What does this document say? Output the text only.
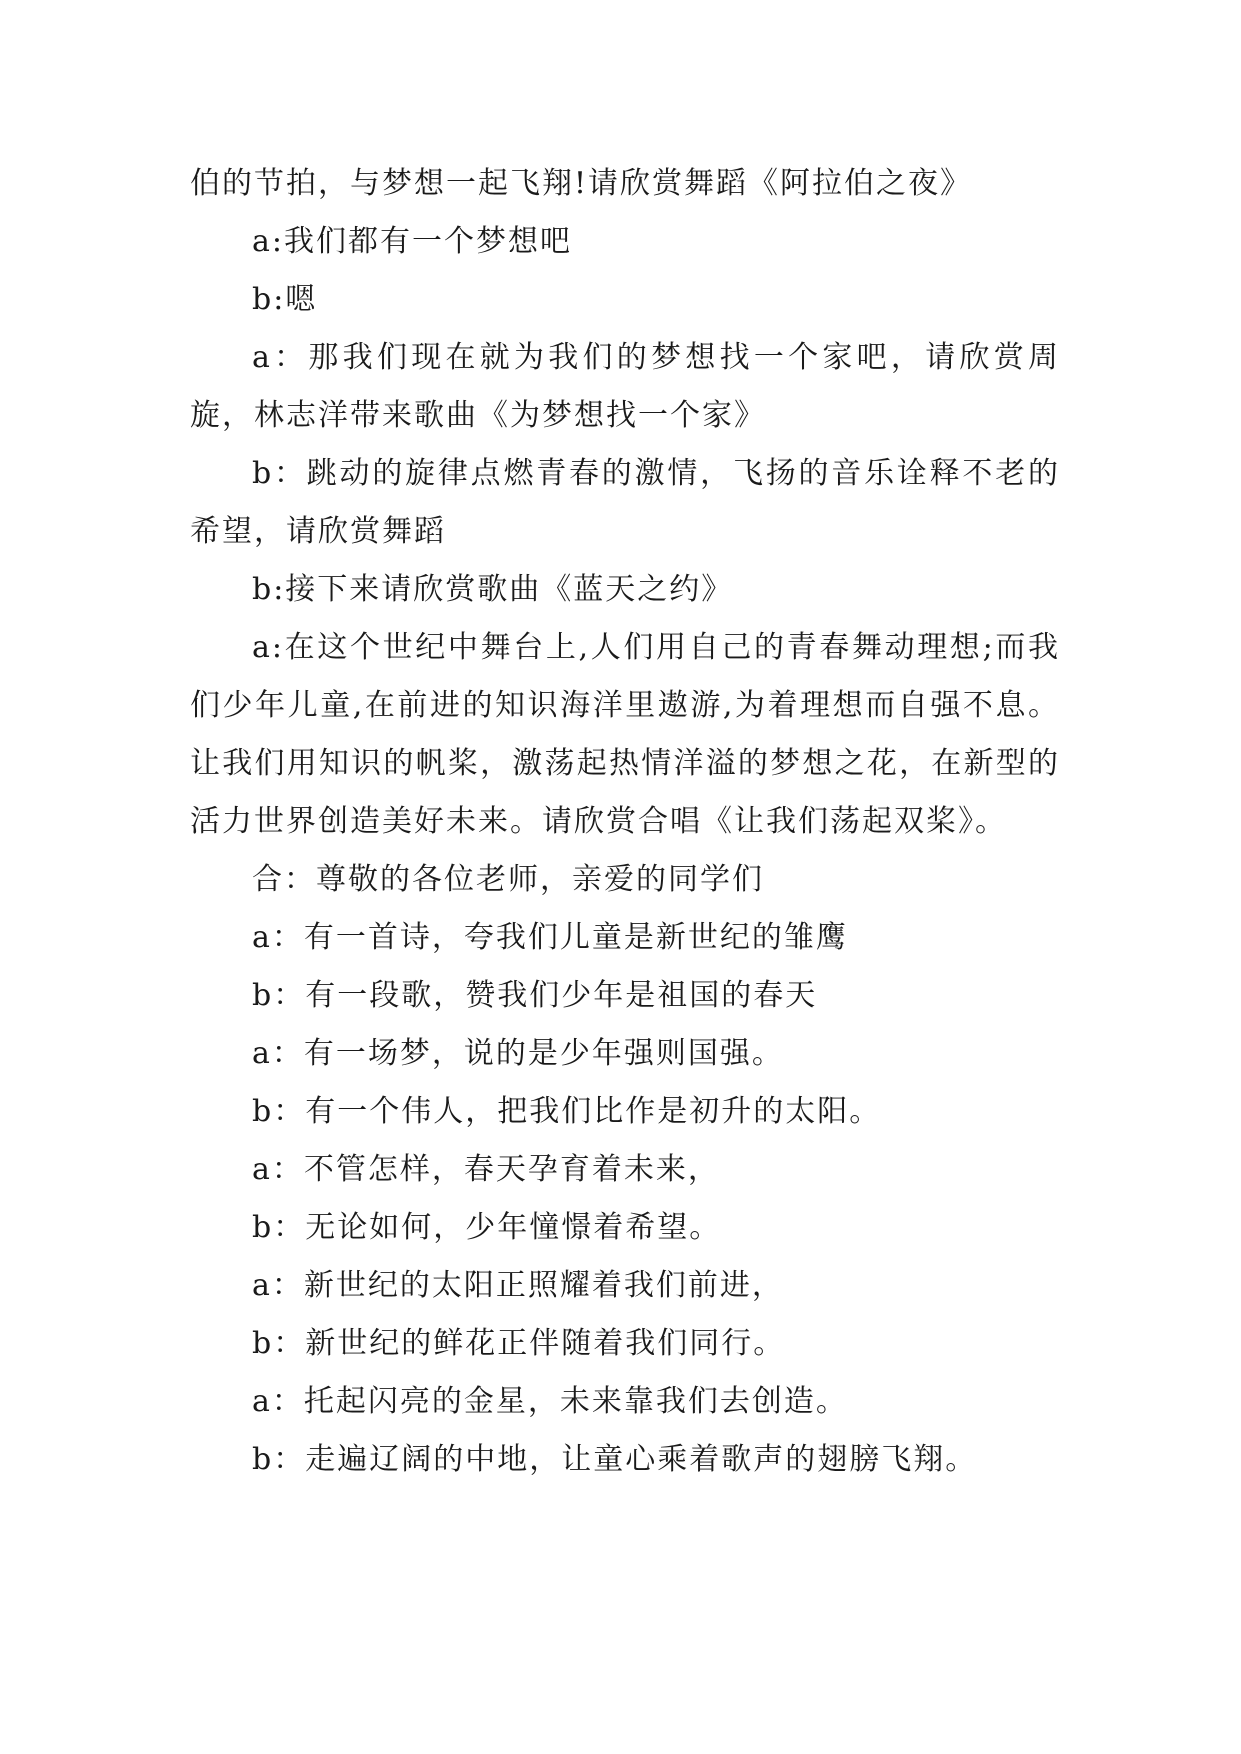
伯的节拍，与梦想一起飞翔!请欣赏舞蹈《阿拉伯之夜》

a:我们都有一个梦想吧

b:嗯

a：那我们现在就为我们的梦想找一个家吧，请欣赏周旋，林志洋带来歌曲《为梦想找一个家》

b：跳动的旋律点燃青春的激情，飞扬的音乐诠释不老的希望，请欣赏舞蹈

b:接下来请欣赏歌曲《蓝天之约》

a:在这个世纪中舞台上,人们用自己的青春舞动理想;而我们少年儿童,在前进的知识海洋里遨游,为着理想而自强不息。让我们用知识的帆桨，激荡起热情洋溢的梦想之花，在新型的活力世界创造美好未来。请欣赏合唱《让我们荡起双桨》。

合：尊敬的各位老师，亲爱的同学们

a：有一首诗，夸我们儿童是新世纪的雏鹰

b：有一段歌，赞我们少年是祖国的春天

a：有一场梦，说的是少年强则国强。

b：有一个伟人，把我们比作是初升的太阳。

a：不管怎样，春天孕育着未来，

b：无论如何，少年憧憬着希望。

a：新世纪的太阳正照耀着我们前进，

b：新世纪的鲜花正伴随着我们同行。

a：托起闪亮的金星，未来靠我们去创造。

b：走遍辽阔的中地，让童心乘着歌声的翅膀飞翔。
